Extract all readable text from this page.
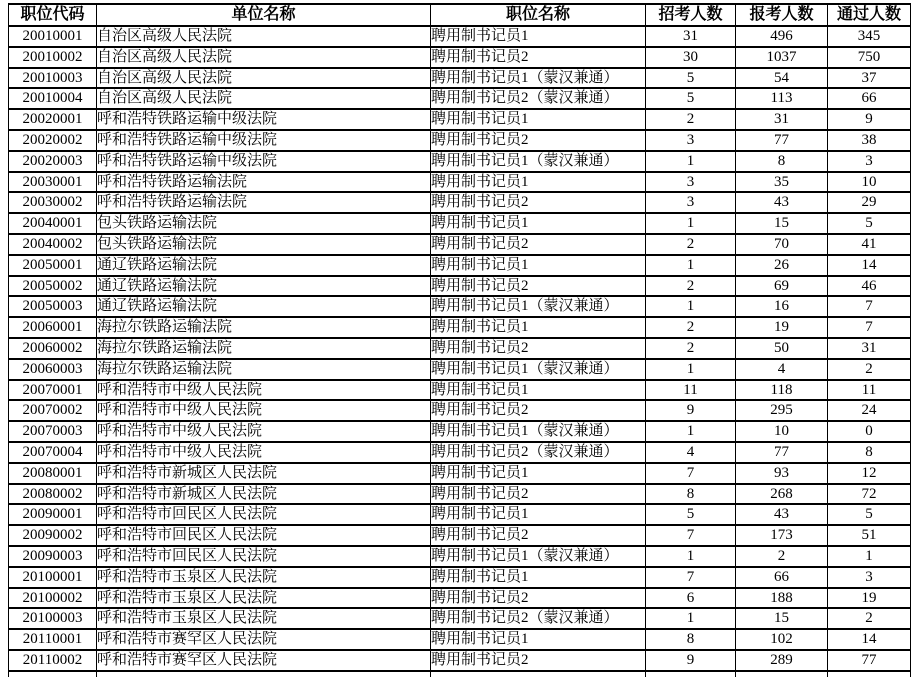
职位代码	单位名称	职位名称	招考人数	报考人数	通过人数
20010001	自治区高级人民法院	聘用制书记员1	31	496	345
20010002	自治区高级人民法院	聘用制书记员2	30	1037	750
20010003	自治区高级人民法院	聘用制书记员1（蒙汉兼通）	5	54	37
20010004	自治区高级人民法院	聘用制书记员2（蒙汉兼通）	5	113	66
20020001	呼和浩特铁路运输中级法院	聘用制书记员1	2	31	9
20020002	呼和浩特铁路运输中级法院	聘用制书记员2	3	77	38
20020003	呼和浩特铁路运输中级法院	聘用制书记员1（蒙汉兼通）	1	8	3
20030001	呼和浩特铁路运输法院	聘用制书记员1	3	35	10
20030002	呼和浩特铁路运输法院	聘用制书记员2	3	43	29
20040001	包头铁路运输法院	聘用制书记员1	1	15	5
20040002	包头铁路运输法院	聘用制书记员2	2	70	41
20050001	通辽铁路运输法院	聘用制书记员1	1	26	14
20050002	通辽铁路运输法院	聘用制书记员2	2	69	46
20050003	通辽铁路运输法院	聘用制书记员1（蒙汉兼通）	1	16	7
20060001	海拉尔铁路运输法院	聘用制书记员1	2	19	7
20060002	海拉尔铁路运输法院	聘用制书记员2	2	50	31
20060003	海拉尔铁路运输法院	聘用制书记员1（蒙汉兼通）	1	4	2
20070001	呼和浩特市中级人民法院	聘用制书记员1	11	118	11
20070002	呼和浩特市中级人民法院	聘用制书记员2	9	295	24
20070003	呼和浩特市中级人民法院	聘用制书记员1（蒙汉兼通）	1	10	0
20070004	呼和浩特市中级人民法院	聘用制书记员2（蒙汉兼通）	4	77	8
20080001	呼和浩特市新城区人民法院	聘用制书记员1	7	93	12
20080002	呼和浩特市新城区人民法院	聘用制书记员2	8	268	72
20090001	呼和浩特市回民区人民法院	聘用制书记员1	5	43	5
20090002	呼和浩特市回民区人民法院	聘用制书记员2	7	173	51
20090003	呼和浩特市回民区人民法院	聘用制书记员1（蒙汉兼通）	1	2	1
20100001	呼和浩特市玉泉区人民法院	聘用制书记员1	7	66	3
20100002	呼和浩特市玉泉区人民法院	聘用制书记员2	6	188	19
20100003	呼和浩特市玉泉区人民法院	聘用制书记员2（蒙汉兼通）	1	15	2
20110001	呼和浩特市赛罕区人民法院	聘用制书记员1	8	102	14
20110002	呼和浩特市赛罕区人民法院	聘用制书记员2	9	289	77
